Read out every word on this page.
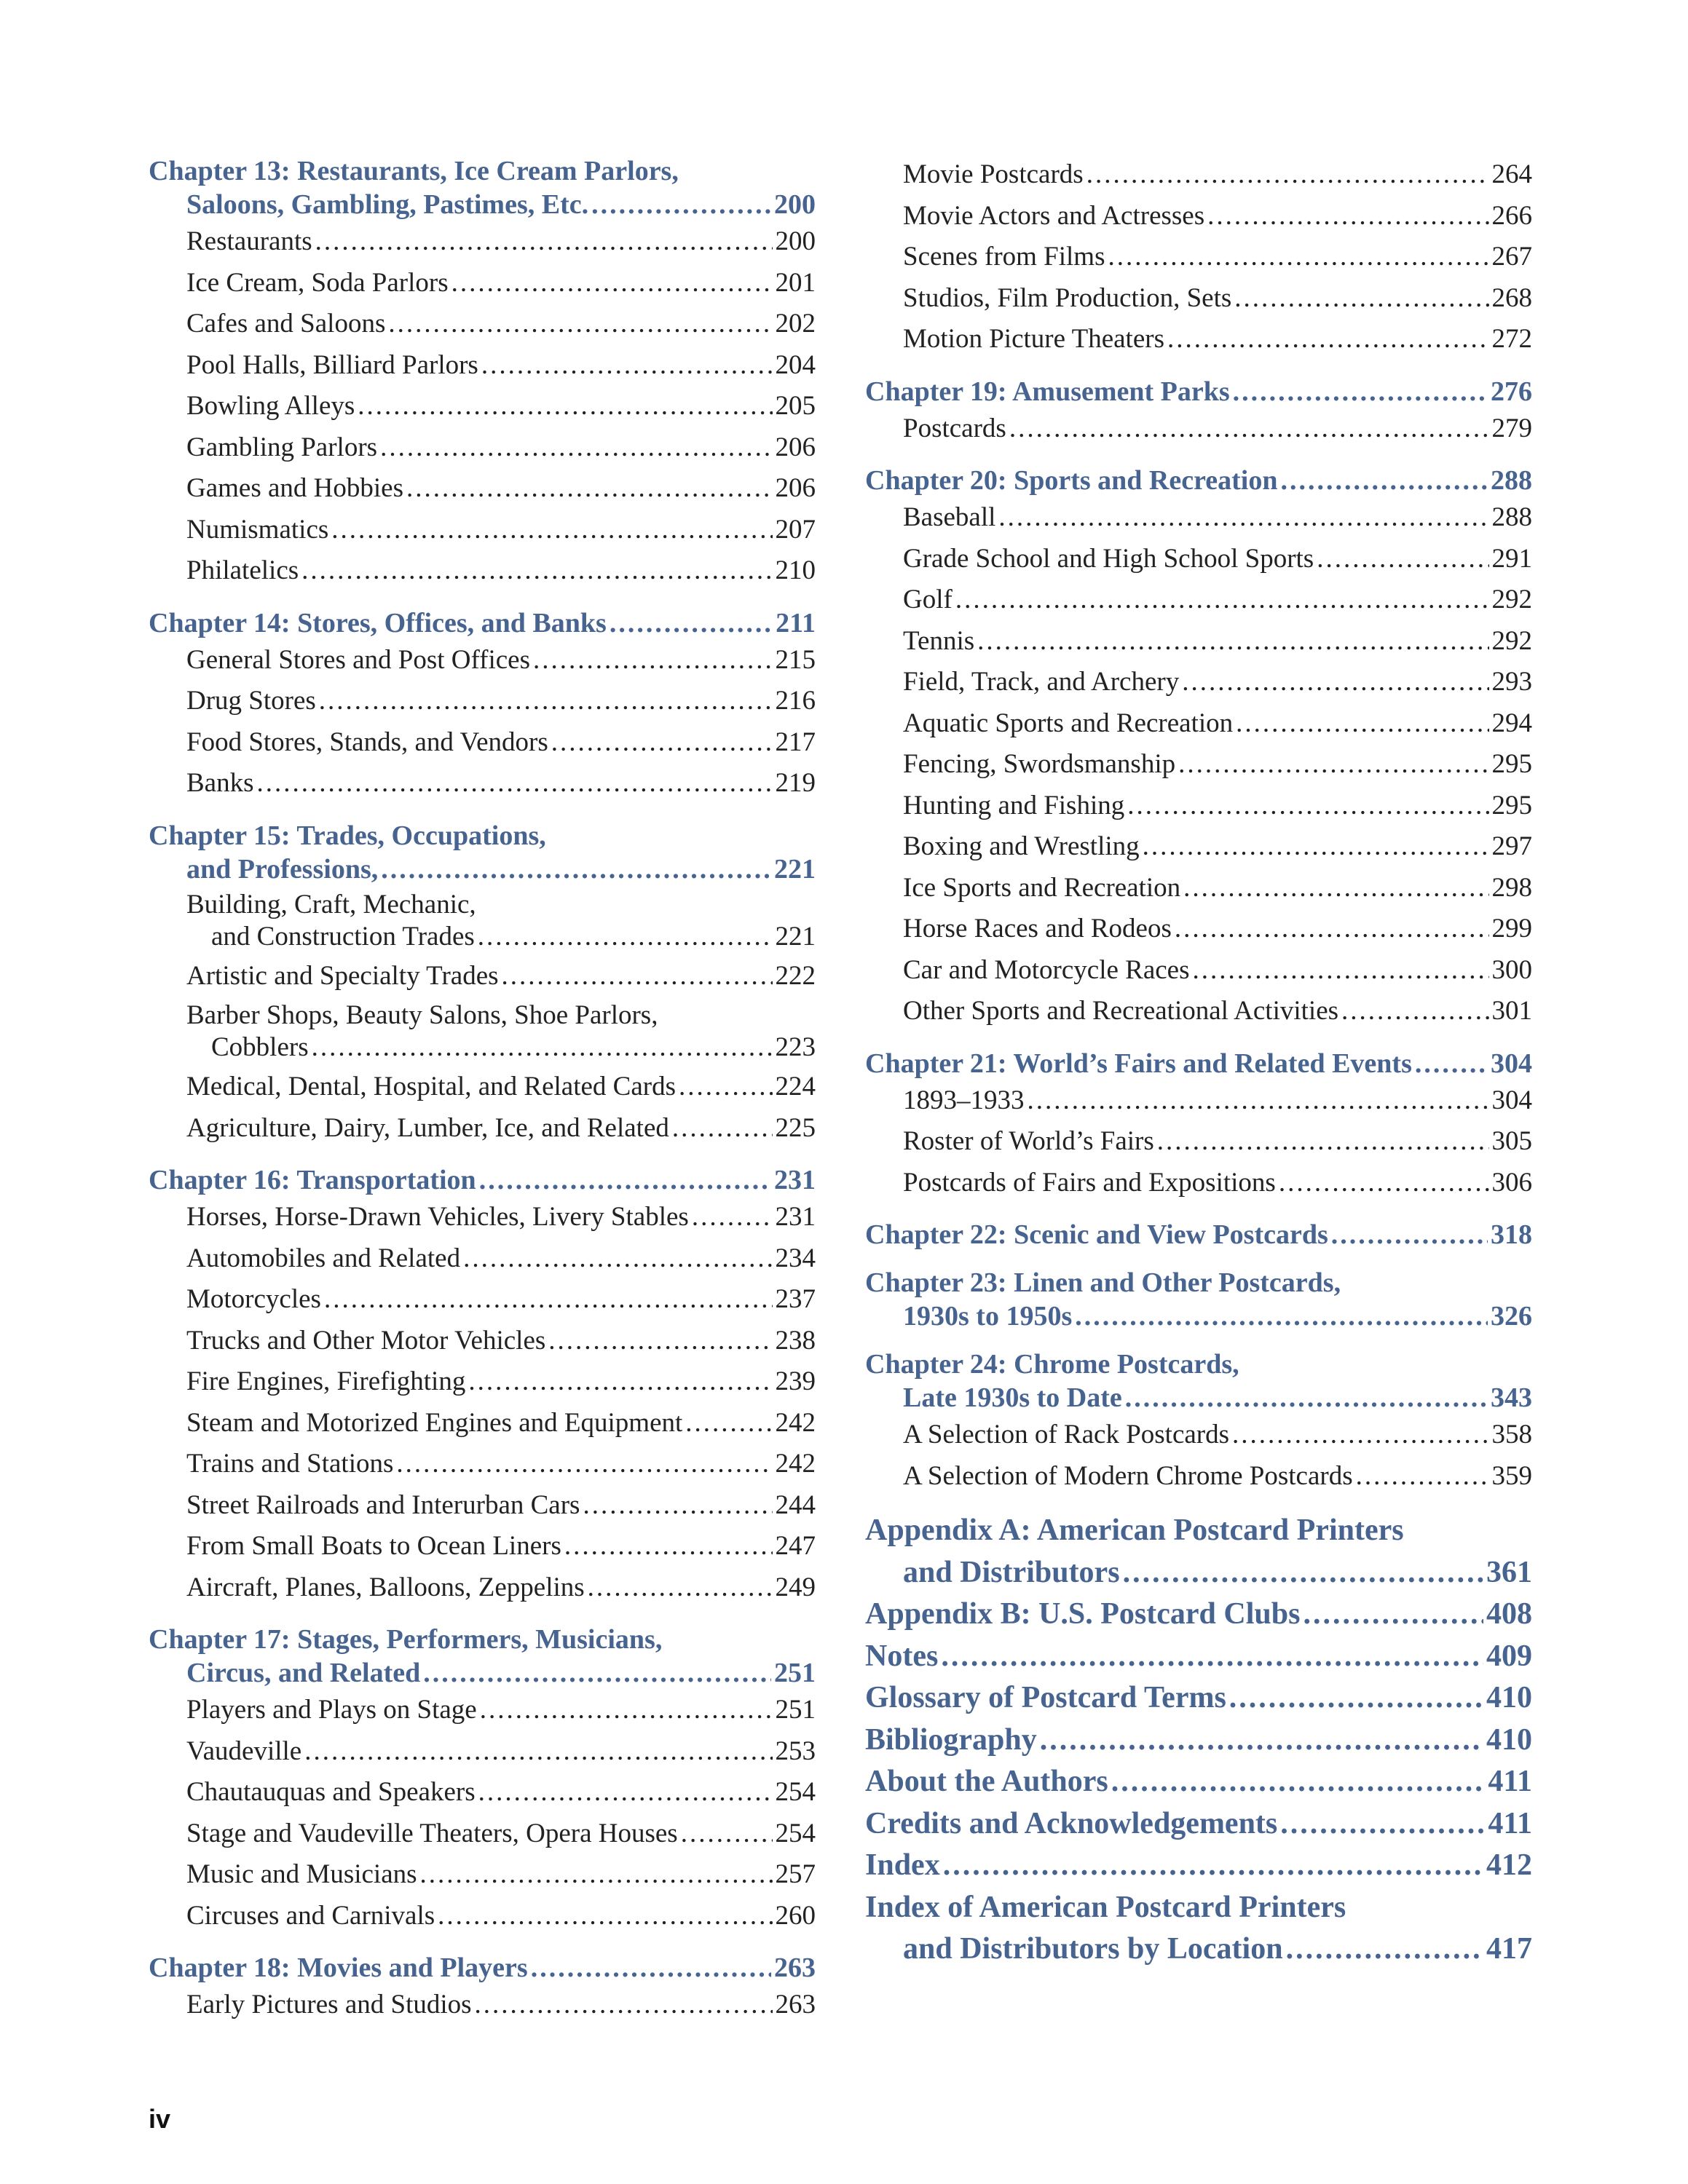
Chapter 13: Restaurants, Ice Cream Parlors,
Saloons, Gambling, Pastimes, Etc. .....	200
Restaurants .....	200
Ice Cream, Soda Parlors .....	201
Cafes and Saloons .....	202
Pool Halls, Billiard Parlors .....	204
Bowling Alleys .....	205
Gambling Parlors .....	206
Games and Hobbies .....	206
Numismatics .....	207
Philatelics .....	210
Chapter 14: Stores, Offices, and Banks .....	211
General Stores and Post Offices .....	215
Drug Stores .....	216
Food Stores, Stands, and Vendors .....	217
Banks .....	219
Chapter 15: Trades, Occupations,
and Professions, .....	221
Building, Craft, Mechanic,
and Construction Trades .....	221
Artistic and Specialty Trades .....	222
Barber Shops, Beauty Salons, Shoe Parlors,
Cobblers .....	223
Medical, Dental, Hospital, and Related Cards .....	224
Agriculture, Dairy, Lumber, Ice, and Related .....	225
Chapter 16: Transportation .....	231
Horses, Horse-Drawn Vehicles, Livery Stables .....	231
Automobiles and Related .....	234
Motorcycles .....	237
Trucks and Other Motor Vehicles .....	238
Fire Engines, Firefighting .....	239
Steam and Motorized Engines and Equipment .....	242
Trains and Stations .....	242
Street Railroads and Interurban Cars .....	244
From Small Boats to Ocean Liners .....	247
Aircraft, Planes, Balloons, Zeppelins .....	249
Chapter 17: Stages, Performers, Musicians,
Circus, and Related .....	251
Players and Plays on Stage .....	251
Vaudeville .....	253
Chautauquas and Speakers .....	254
Stage and Vaudeville Theaters, Opera Houses .....	254
Music and Musicians .....	257
Circuses and Carnivals .....	260
Chapter 18: Movies and Players .....	263
Early Pictures and Studios .....	263
Movie Postcards .....	264
Movie Actors and Actresses .....	266
Scenes from Films .....	267
Studios, Film Production, Sets .....	268
Motion Picture Theaters .....	272
Chapter 19: Amusement Parks .....	276
Postcards .....	279
Chapter 20: Sports and Recreation .....	288
Baseball .....	288
Grade School and High School Sports .....	291
Golf .....	292
Tennis .....	292
Field, Track, and Archery .....	293
Aquatic Sports and Recreation .....	294
Fencing, Swordsmanship .....	295
Hunting and Fishing .....	295
Boxing and Wrestling .....	297
Ice Sports and Recreation .....	298
Horse Races and Rodeos .....	299
Car and Motorcycle Races .....	300
Other Sports and Recreational Activities .....	301
Chapter 21: World’s Fairs and Related Events .....	304
1893–1933 .....	304
Roster of World’s Fairs .....	305
Postcards of Fairs and Expositions .....	306
Chapter 22: Scenic and View Postcards .....	318
Chapter 23: Linen and Other Postcards,
1930s to 1950s .....	326
Chapter 24: Chrome Postcards,
Late 1930s to Date .....	343
A Selection of Rack Postcards .....	358
A Selection of Modern Chrome Postcards .....	359
Appendix A: American Postcard Printers
and Distributors .....	361
Appendix B: U.S. Postcard Clubs .....	408
Notes .....	409
Glossary of Postcard Terms .....	410
Bibliography .....	410
About the Authors .....	411
Credits and Acknowledgements .....	411
Index .....	412
Index of American Postcard Printers
and Distributors by Location .....	417
iv
